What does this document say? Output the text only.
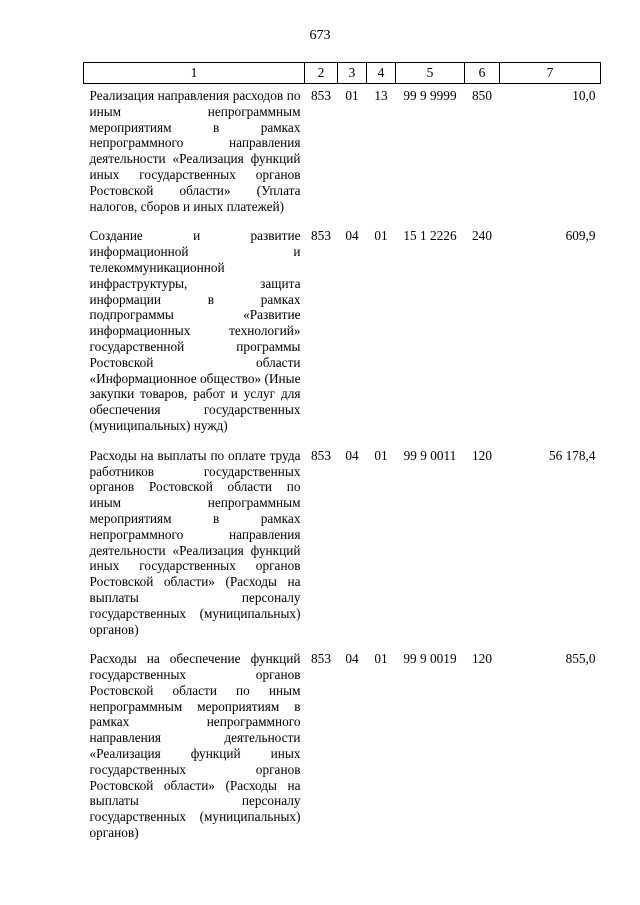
673
1	2	3	4	5	6	7
Реализация направления расходов по иным непрограммным мероприятиям в рамках непрограммного направления деятельности «Реализация функций иных государственных органов Ростовской области» (Уплата налогов, сборов и иных платежей)	853	01	13	99 9 9999	850	10,0
Создание и развитие информационной и телекоммуникационной инфраструктуры, защита информации в рамках подпрограммы «Развитие информационных технологий» государственной программы Ростовской области «Информационное общество» (Иные закупки товаров, работ и услуг для обеспечения государственных (муниципальных) нужд)	853	04	01	15 1 2226	240	609,9
Расходы на выплаты по оплате труда работников государственных органов Ростовской области по иным непрограммным мероприятиям в рамках непрограммного направления деятельности «Реализация функций иных государственных органов Ростовской области» (Расходы на выплаты персоналу государственных (муниципальных) органов)	853	04	01	99 9 0011	120	56 178,4
Расходы на обеспечение функций государственных органов Ростовской области по иным непрограммным мероприятиям в рамках непрограммного направления деятельности «Реализация функций иных государственных органов Ростовской области» (Расходы на выплаты персоналу государственных (муниципальных) органов)	853	04	01	99 9 0019	120	855,0
